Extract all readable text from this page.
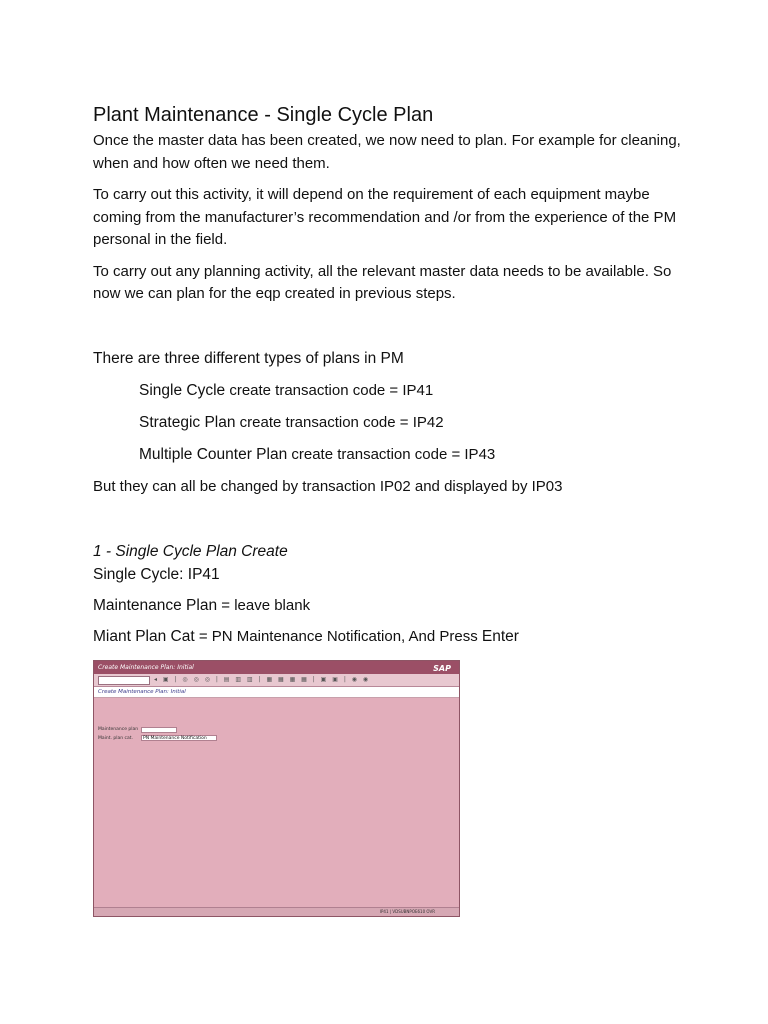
Plant Maintenance - Single Cycle Plan

Once the master data has been created, we now need to plan. For example for cleaning, when and how often we need them.

To carry out this activity, it will depend on the requirement of each equipment maybe coming from the manufacturer’s recommendation and /or from the experience of the PM personal in the field.

To carry out any planning activity, all the relevant master data needs to be available. So now we can plan for the eqp created in previous steps.

There are three different types of plans in PM
Single Cycle create transaction code = IP41
Strategic Plan create transaction code = IP42
Multiple Counter Plan create transaction code = IP43
But they can all be changed by transaction IP02 and displayed by IP03
1 - Single Cycle Plan Create
Single Cycle: IP41
Maintenance Plan = leave blank
Miant Plan Cat = PN Maintenance Notification, And Press Enter
Create Maintenance Plan: Initial	SAP
◂ ▣ | ◎ ◎ ◎ | ▤ ▥ ▥ | ▦ ▦ ▦ ▦ | ▣ ▣ | ◉ ◉
Create Maintenance Plan: Initial
Maintenance plan
Maint. plan cat.	PN Maintenance Notification
IP41 | VDSUBNPOE610 OVR
